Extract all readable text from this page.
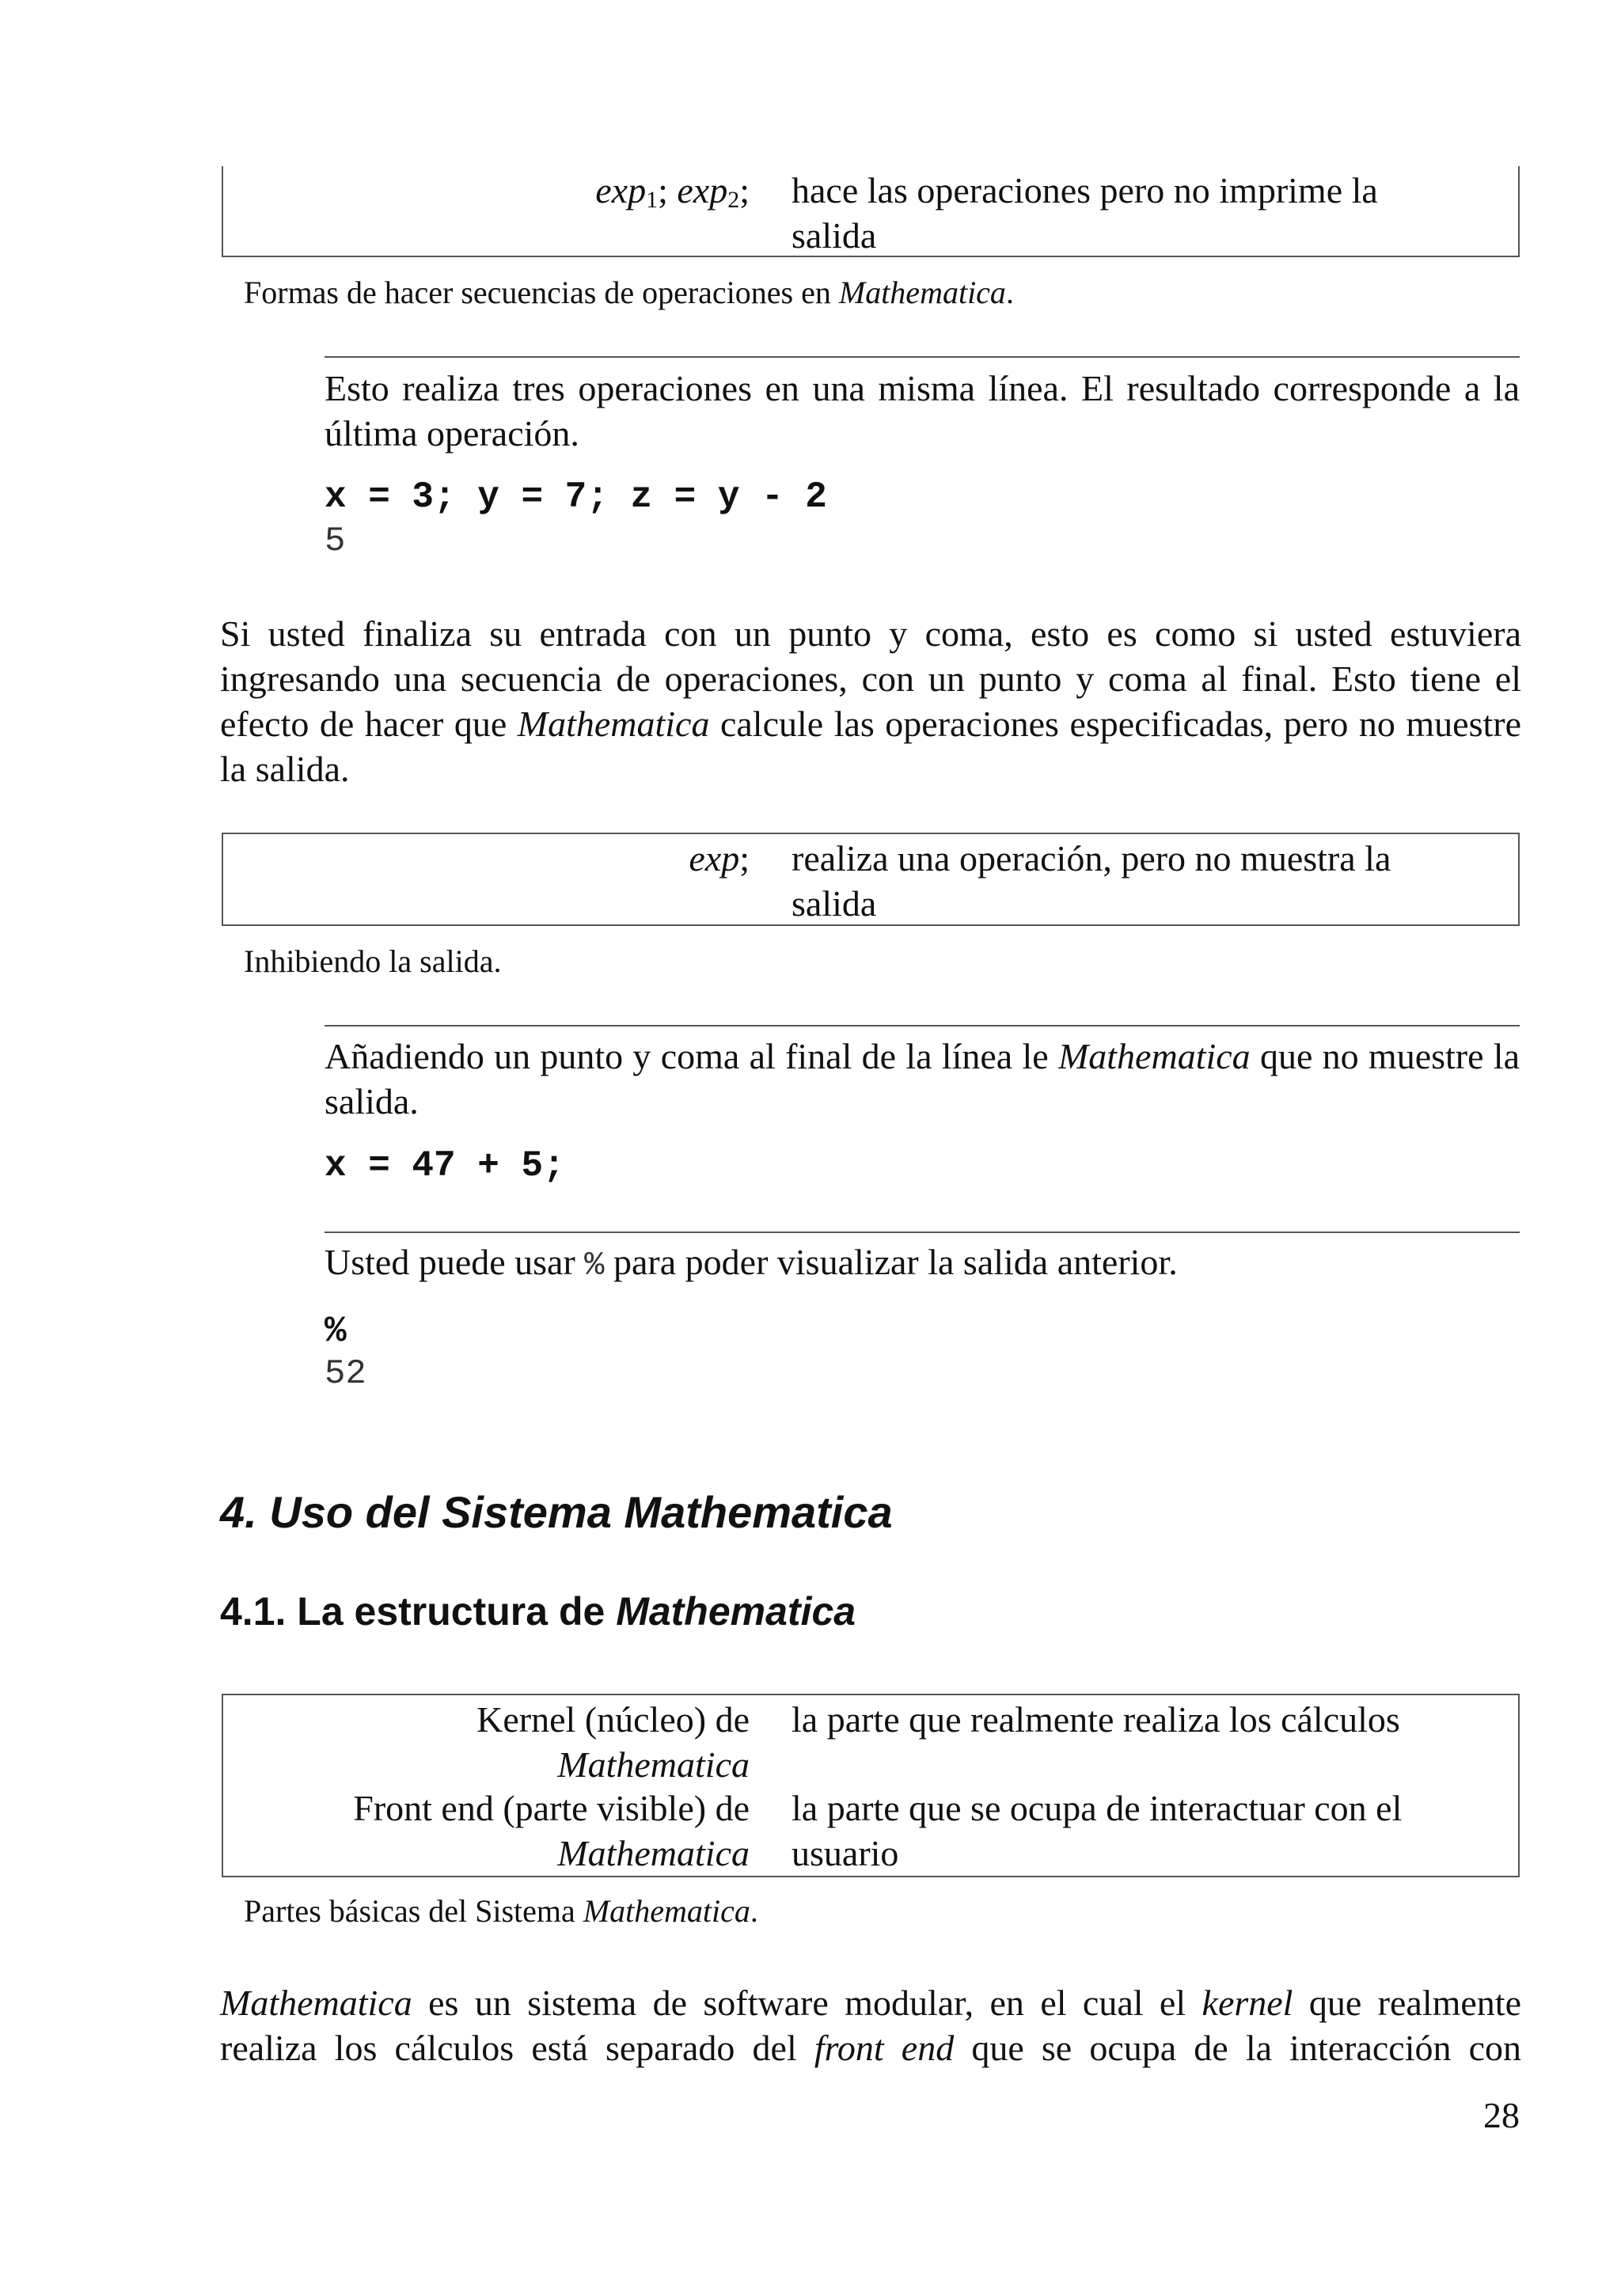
$\exp_1$; $\exp_2$; hace las operaciones pero no imprime la salida
Formas de hacer secuencias de operaciones en Mathematica.
Esto realiza tres operaciones en una misma línea. El resultado corresponde a la última operación.
x = 3; y = 7; z = y - 2
5
Si usted finaliza su entrada con un punto y coma, esto es como si usted estuviera ingresando una secuencia de operaciones, con un punto y coma al final. Esto tiene el efecto de hacer que Mathematica calcule las operaciones especificadas, pero no muestre la salida.
exp; realiza una operación, pero no muestra la salida
Inhibiendo la salida.
Añadiendo un punto y coma al final de la línea le Mathematica que no muestre la salida.
x = 47 + 5;
Usted puede usar % para poder visualizar la salida anterior.
%
52
4. Uso del Sistema Mathematica
4.1. La estructura de Mathematica
Kernel (núcleo) de
Mathematica
la parte que realmente realiza los cálculos
Front end (parte visible) de
Mathematica
la parte que se ocupa de interactuar con el usuario
Partes básicas del Sistema Mathematica.
Mathematica es un sistema de software modular, en el cual el kernel que realmente realiza los cálculos está separado del front end que se ocupa de la interacción con
28
